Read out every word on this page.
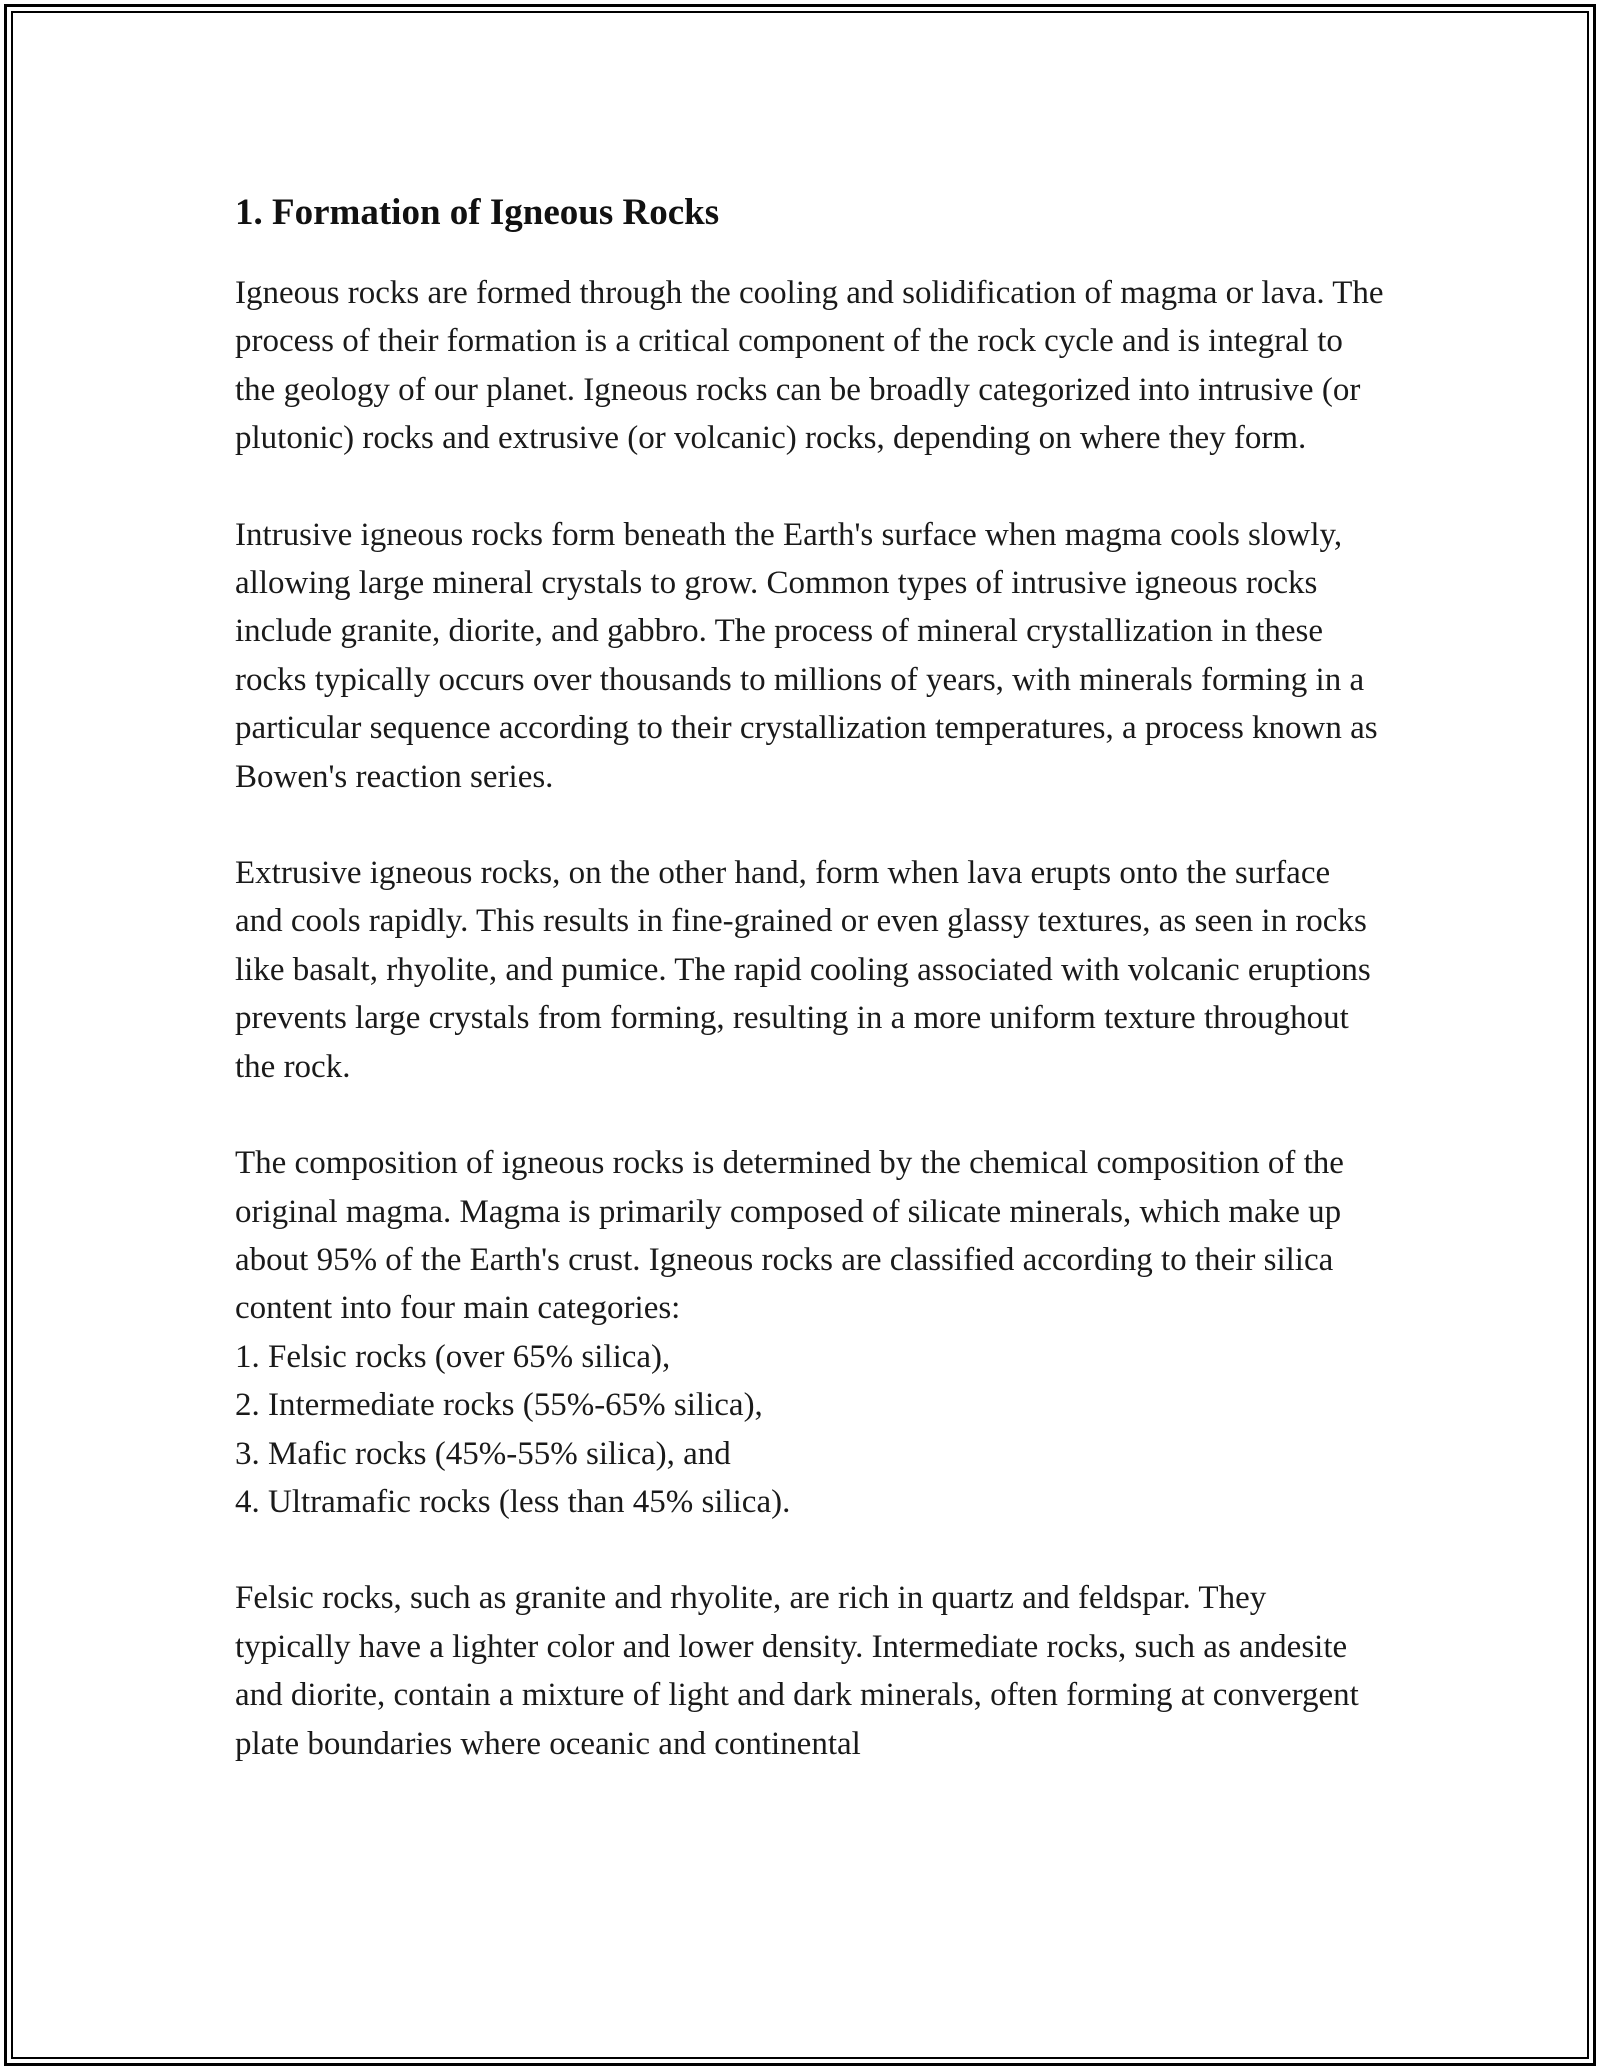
1. Formation of Igneous Rocks

Igneous rocks are formed through the cooling and solidification of magma or lava. The process of their formation is a critical component of the rock cycle and is integral to the geology of our planet. Igneous rocks can be broadly categorized into intrusive (or plutonic) rocks and extrusive (or volcanic) rocks, depending on where they form.

Intrusive igneous rocks form beneath the Earth's surface when magma cools slowly, allowing large mineral crystals to grow. Common types of intrusive igneous rocks include granite, diorite, and gabbro. The process of mineral crystallization in these rocks typically occurs over thousands to millions of years, with minerals forming in a particular sequence according to their crystallization temperatures, a process known as Bowen's reaction series.

Extrusive igneous rocks, on the other hand, form when lava erupts onto the surface and cools rapidly. This results in fine-grained or even glassy textures, as seen in rocks like basalt, rhyolite, and pumice. The rapid cooling associated with volcanic eruptions prevents large crystals from forming, resulting in a more uniform texture throughout the rock.

The composition of igneous rocks is determined by the chemical composition of the original magma. Magma is primarily composed of silicate minerals, which make up about 95% of the Earth's crust. Igneous rocks are classified according to their silica content into four main categories:
1. Felsic rocks (over 65% silica),
2. Intermediate rocks (55%-65% silica),
3. Mafic rocks (45%-55% silica), and
4. Ultramafic rocks (less than 45% silica).

Felsic rocks, such as granite and rhyolite, are rich in quartz and feldspar. They typically have a lighter color and lower density. Intermediate rocks, such as andesite and diorite, contain a mixture of light and dark minerals, often forming at convergent plate boundaries where oceanic and continental
